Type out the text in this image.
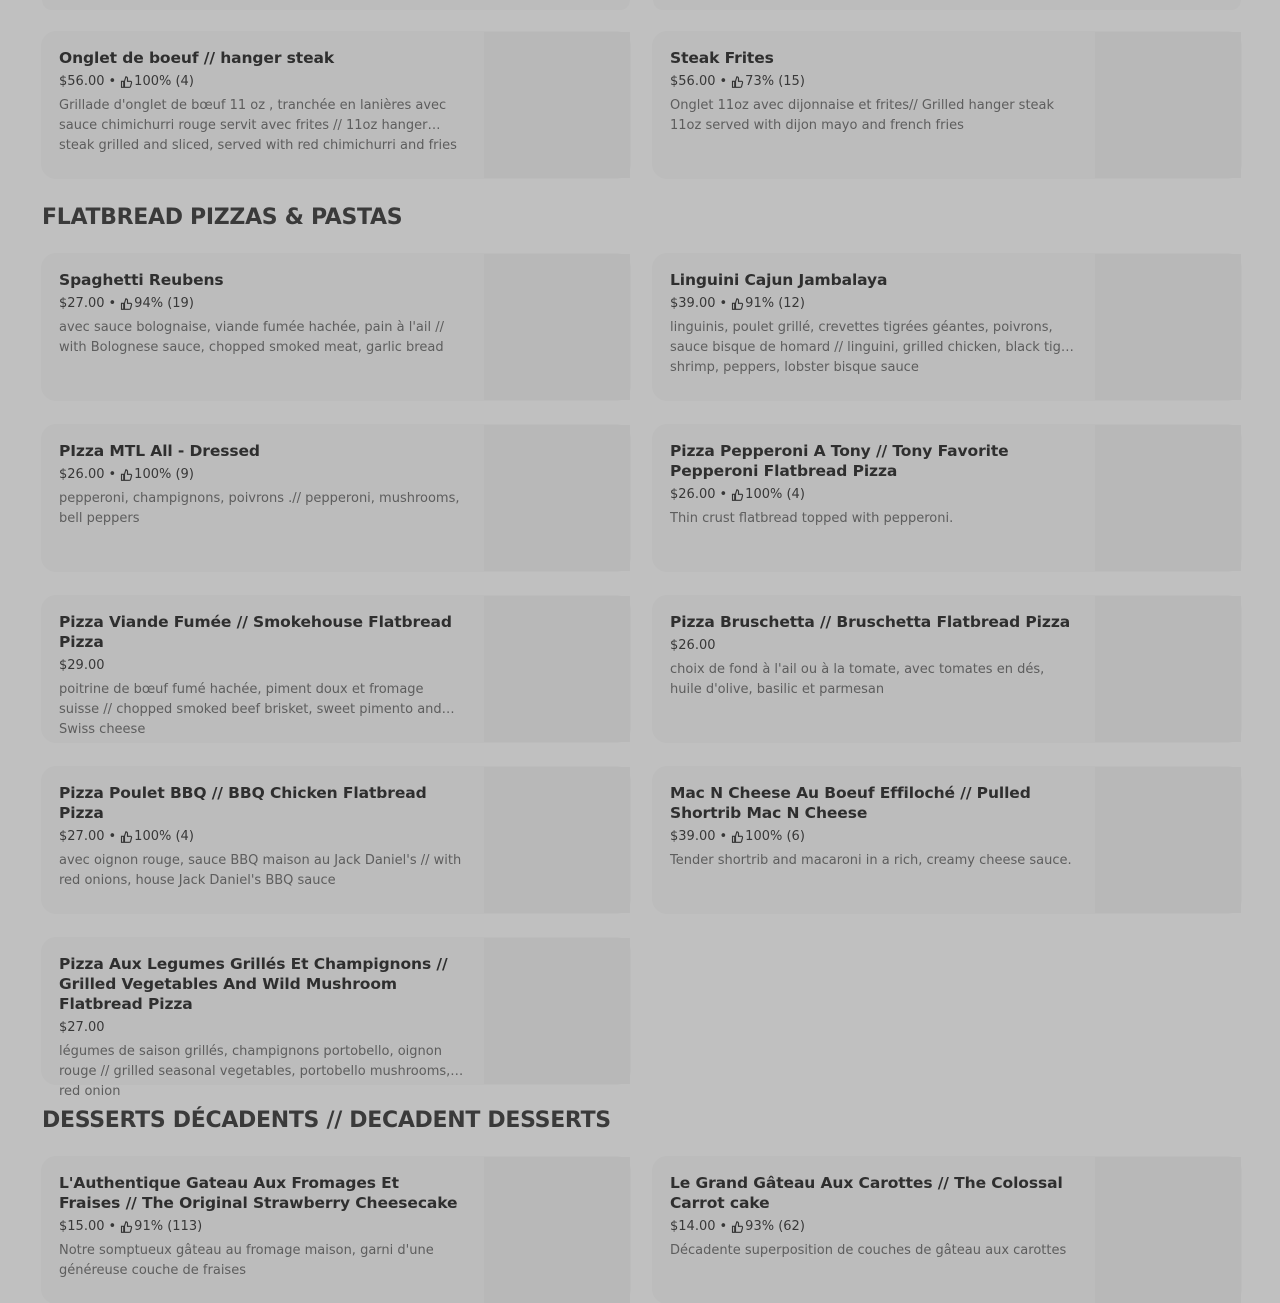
Onglet de boeuf // hanger steak
$56.00 • 100% (4)
Grillade d'onglet de bœuf 11 oz , tranchée en lanières avec sauce chimichurri rouge servit avec frites // 11oz hanger steak grilled and sliced, served with red chimichurri and fries
Steak Frites
$56.00 • 73% (15)
Onglet 11oz avec dijonnaise et frites// Grilled hanger steak 11oz served with dijon mayo and french fries
FLATBREAD PIZZAS & PASTAS
Spaghetti Reubens
$27.00 • 94% (19)
avec sauce bolognaise, viande fumée hachée, pain à l'ail // with Bolognese sauce, chopped smoked meat, garlic bread
Linguini Cajun Jambalaya
$39.00 • 91% (12)
linguinis, poulet grillé, crevettes tigrées géantes, poivrons, sauce bisque de homard // linguini, grilled chicken, black tiger shrimp, peppers, lobster bisque sauce
PIzza MTL All - Dressed
$26.00 • 100% (9)
pepperoni, champignons, poivrons .// pepperoni, mushrooms, bell peppers
Pizza Pepperoni A Tony // Tony Favorite Pepperoni Flatbread Pizza
$26.00 • 100% (4)
Thin crust flatbread topped with pepperoni.
Pizza Viande Fumée // Smokehouse Flatbread Pizza
$29.00
poitrine de bœuf fumé hachée, piment doux et fromage suisse // chopped smoked beef brisket, sweet pimento and Swiss cheese
Pizza Bruschetta // Bruschetta Flatbread Pizza
$26.00
choix de fond à l'ail ou à la tomate, avec tomates en dés, huile d'olive, basilic et parmesan
Pizza Poulet BBQ // BBQ Chicken Flatbread Pizza
$27.00 • 100% (4)
avec oignon rouge, sauce BBQ maison au Jack Daniel's // with red onions, house Jack Daniel's BBQ sauce
Mac N Cheese Au Boeuf Effiloché // Pulled Shortrib Mac N Cheese
$39.00 • 100% (6)
Tender shortrib and macaroni in a rich, creamy cheese sauce.
Pizza Aux Legumes Grillés Et Champignons // Grilled Vegetables And Wild Mushroom Flatbread Pizza
$27.00
légumes de saison grillés, champignons portobello, oignon rouge // grilled seasonal vegetables, portobello mushrooms, red onion
DESSERTS DÉCADENTS // DECADENT DESSERTS
L'Authentique Gateau Aux Fromages Et Fraises // The Original Strawberry Cheesecake
$15.00 • 91% (113)
Notre somptueux gâteau au fromage maison, garni d'une généreuse couche de fraises
Le Grand Gâteau Aux Carottes // The Colossal Carrot cake
$14.00 • 93% (62)
Décadente superposition de couches de gâteau aux carottes
